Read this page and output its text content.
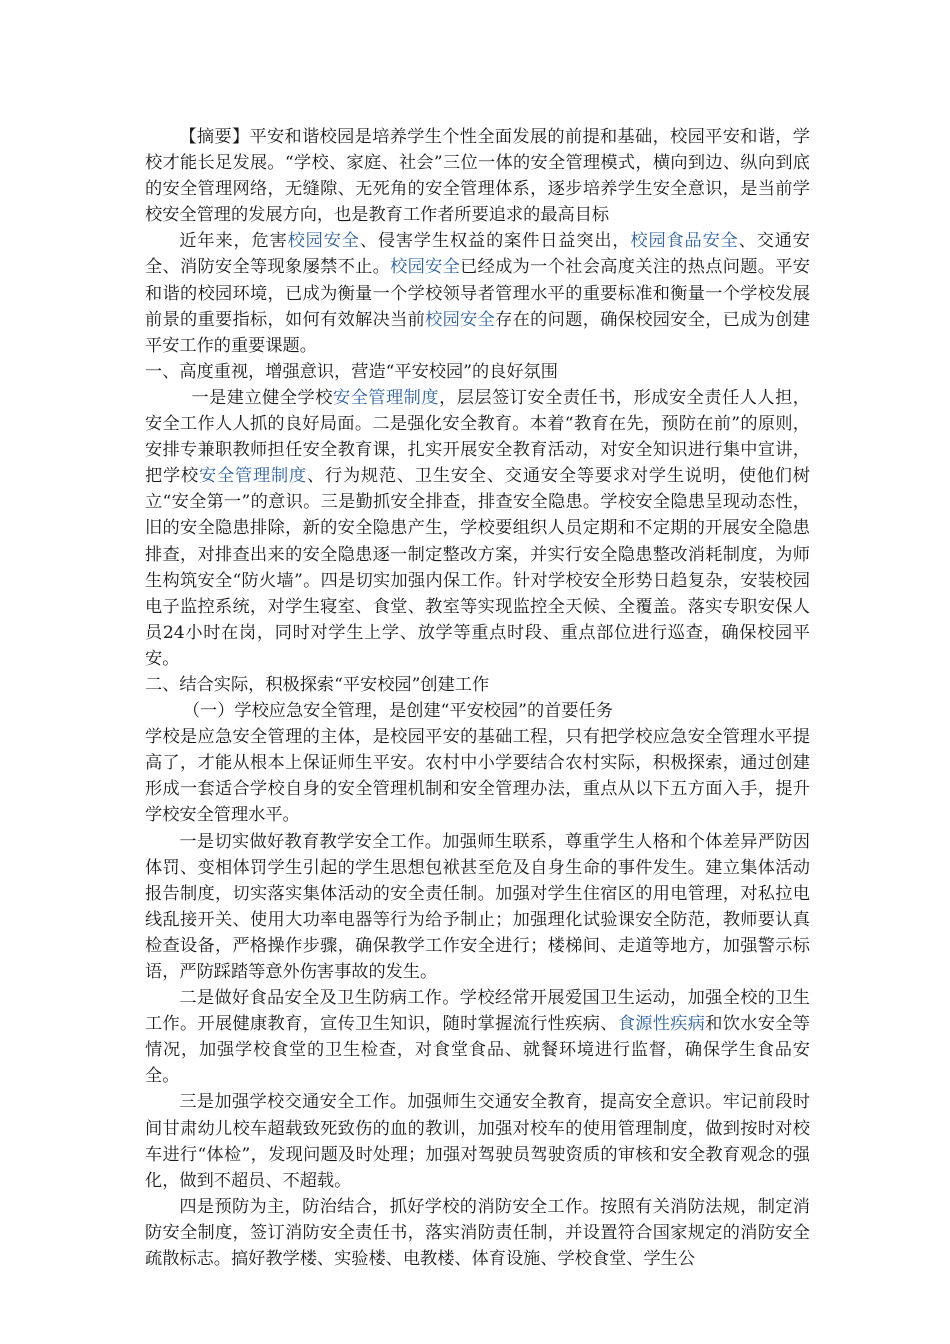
【摘要】平安和谐校园是培养学生个性全面发展的前提和基础，校园平安和谐，学校才能长足发展。“学校、家庭、社会”三位一体的安全管理模式，横向到边、纵向到底的安全管理网络，无缝隙、无死角的安全管理体系，逐步培养学生安全意识，是当前学校安全管理的发展方向，也是教育工作者所要追求的最高目标

近年来，危害校园安全、侵害学生权益的案件日益突出，校园食品安全、交通安全、消防安全等现象屡禁不止。校园安全已经成为一个社会高度关注的热点问题。平安和谐的校园环境，已成为衡量一个学校领导者管理水平的重要标准和衡量一个学校发展前景的重要指标，如何有效解决当前校园安全存在的问题，确保校园安全，已成为创建平安工作的重要课题。

一、高度重视，增强意识，营造“平安校园”的良好氛围

一是建立健全学校安全管理制度，层层签订安全责任书，形成安全责任人人担，安全工作人人抓的良好局面。二是强化安全教育。本着“教育在先，预防在前”的原则，安排专兼职教师担任安全教育课，扎实开展安全教育活动，对安全知识进行集中宣讲，把学校安全管理制度、行为规范、卫生安全、交通安全等要求对学生说明，使他们树立“安全第一”的意识。三是勤抓安全排查，排查安全隐患。学校安全隐患呈现动态性，旧的安全隐患排除，新的安全隐患产生，学校要组织人员定期和不定期的开展安全隐患排查，对排查出来的安全隐患逐一制定整改方案，并实行安全隐患整改消耗制度，为师生构筑安全“防火墙”。四是切实加强内保工作。针对学校安全形势日趋复杂，安装校园电子监控系统，对学生寝室、食堂、教室等实现监控全天候、全覆盖。落实专职安保人员24小时在岗，同时对学生上学、放学等重点时段、重点部位进行巡查，确保校园平安。

二、结合实际，积极探索“平安校园”创建工作

（一）学校应急安全管理，是创建“平安校园”的首要任务

学校是应急安全管理的主体，是校园平安的基础工程，只有把学校应急安全管理水平提高了，才能从根本上保证师生平安。农村中小学要结合农村实际，积极探索，通过创建形成一套适合学校自身的安全管理机制和安全管理办法，重点从以下五方面入手，提升学校安全管理水平。

一是切实做好教育教学安全工作。加强师生联系，尊重学生人格和个体差异严防因体罚、变相体罚学生引起的学生思想包袱甚至危及自身生命的事件发生。建立集体活动报告制度，切实落实集体活动的安全责任制。加强对学生住宿区的用电管理，对私拉电线乱接开关、使用大功率电器等行为给予制止；加强理化试验课安全防范，教师要认真检查设备，严格操作步骤，确保教学工作安全进行；楼梯间、走道等地方，加强警示标语，严防踩踏等意外伤害事故的发生。

二是做好食品安全及卫生防病工作。学校经常开展爱国卫生运动，加强全校的卫生工作。开展健康教育，宣传卫生知识，随时掌握流行性疾病、食源性疾病和饮水安全等情况，加强学校食堂的卫生检查，对食堂食品、就餐环境进行监督，确保学生食品安全。

三是加强学校交通安全工作。加强师生交通安全教育，提高安全意识。牢记前段时间甘肃幼儿校车超载致死致伤的血的教训，加强对校车的使用管理制度，做到按时对校车进行“体检”，发现问题及时处理；加强对驾驶员驾驶资质的审核和安全教育观念的强化，做到不超员、不超载。

四是预防为主，防治结合，抓好学校的消防安全工作。按照有关消防法规，制定消防安全制度，签订消防安全责任书，落实消防责任制，并设置符合国家规定的消防安全疏散标志。搞好教学楼、实验楼、电教楼、体育设施、学校食堂、学生公
